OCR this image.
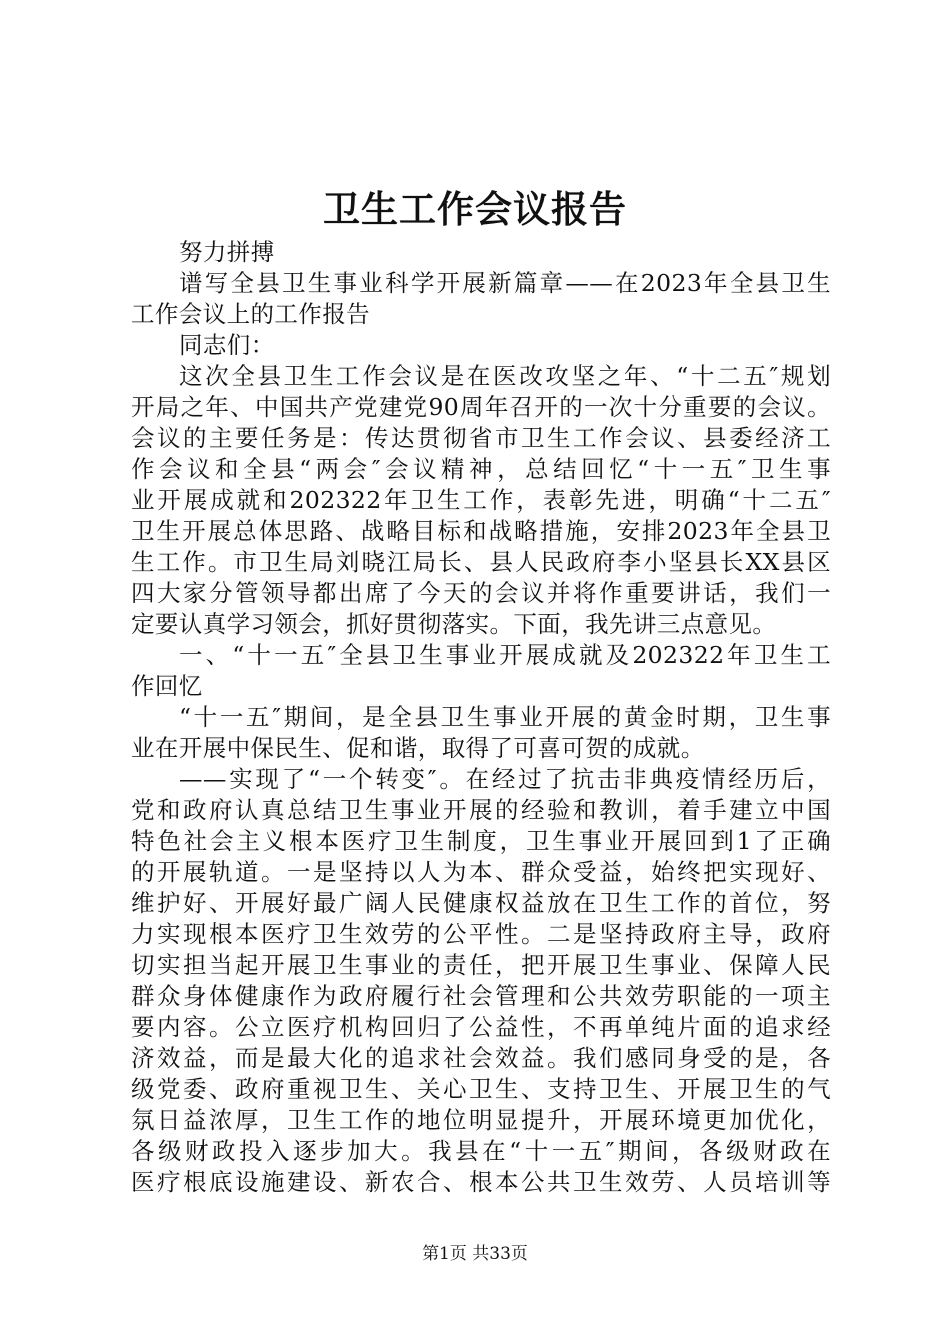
卫生工作会议报告
努力拼搏
谱写全县卫生事业科学开展新篇章——在2023年全县卫生
工作会议上的工作报告
同志们：
这次全县卫生工作会议是在医改攻坚之年、“十二五″规划
开局之年、中国共产党建党90周年召开的一次十分重要的会议。
会议的主要任务是：传达贯彻省市卫生工作会议、县委经济工
作会议和全县“两会″会议精神，总结回忆“十一五″卫生事
业开展成就和202322年卫生工作，表彰先进，明确“十二五″
卫生开展总体思路、战略目标和战略措施，安排2023年全县卫
生工作。市卫生局刘晓江局长、县人民政府李小坚县长XX县区
四大家分管领导都出席了今天的会议并将作重要讲话，我们一
定要认真学习领会，抓好贯彻落实。下面，我先讲三点意见。
一、“十一五″全县卫生事业开展成就及202322年卫生工
作回忆
“十一五″期间，是全县卫生事业开展的黄金时期，卫生事
业在开展中保民生、促和谐，取得了可喜可贺的成就。
——实现了“一个转变″。在经过了抗击非典疫情经历后，
党和政府认真总结卫生事业开展的经验和教训，着手建立中国
特色社会主义根本医疗卫生制度，卫生事业开展回到1了正确
的开展轨道。一是坚持以人为本、群众受益，始终把实现好、
维护好、开展好最广阔人民健康权益放在卫生工作的首位，努
力实现根本医疗卫生效劳的公平性。二是坚持政府主导，政府
切实担当起开展卫生事业的责任，把开展卫生事业、保障人民
群众身体健康作为政府履行社会管理和公共效劳职能的一项主
要内容。公立医疗机构回归了公益性，不再单纯片面的追求经
济效益，而是最大化的追求社会效益。我们感同身受的是，各
级党委、政府重视卫生、关心卫生、支持卫生、开展卫生的气
氛日益浓厚，卫生工作的地位明显提升，开展环境更加优化，
各级财政投入逐步加大。我县在“十一五″期间，各级财政在
医疗根底设施建设、新农合、根本公共卫生效劳、人员培训等
第1页 共33页
